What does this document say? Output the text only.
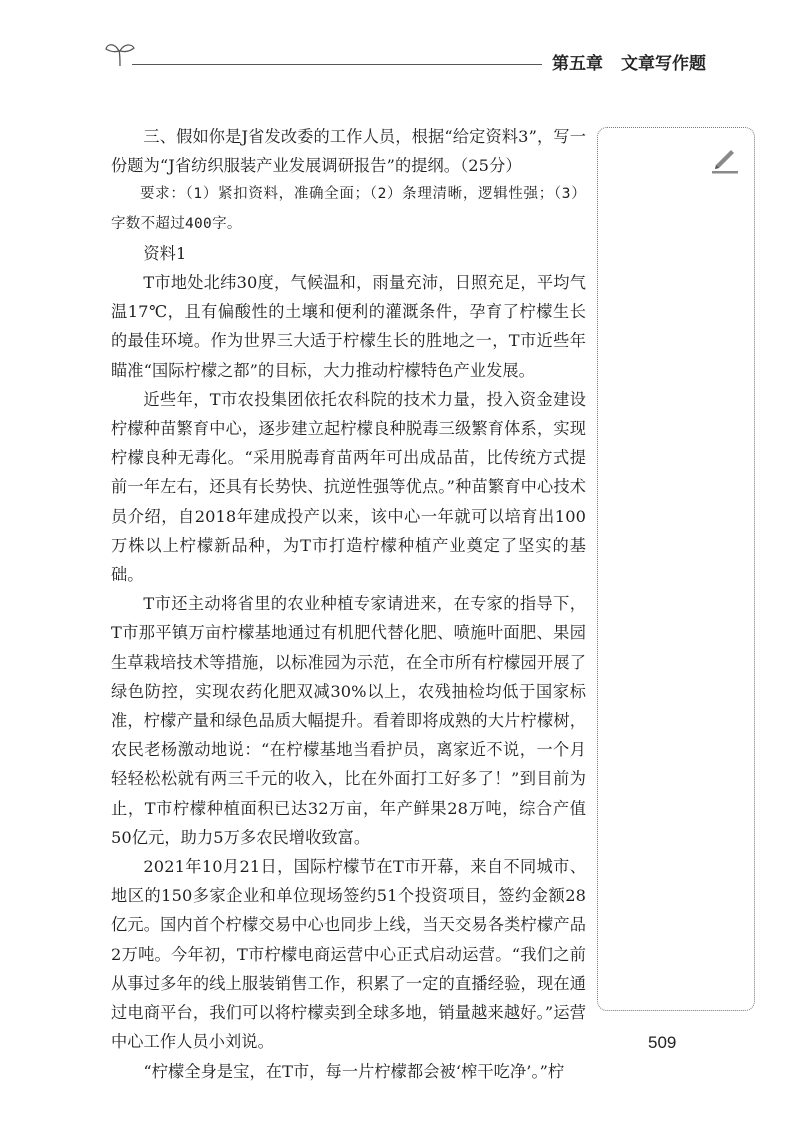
第五章 文章写作题

三、假如你是J省发改委的工作人员，根据“给定资料3”，写一份题为“J省纺织服装产业发展调研报告”的提纲。（25分）

要求：（1）紧扣资料，准确全面；（2）条理清晰，逻辑性强；（3）字数不超过400字。

资料1

T市地处北纬30度，气候温和，雨量充沛，日照充足，平均气温17℃，且有偏酸性的土壤和便利的灌溉条件，孕育了柠檬生长的最佳环境。作为世界三大适于柠檬生长的胜地之一，T市近些年瞄准“国际柠檬之都”的目标，大力推动柠檬特色产业发展。

近些年，T市农投集团依托农科院的技术力量，投入资金建设柠檬种苗繁育中心，逐步建立起柠檬良种脱毒三级繁育体系，实现柠檬良种无毒化。“采用脱毒育苗两年可出成品苗，比传统方式提前一年左右，还具有长势快、抗逆性强等优点。”种苗繁育中心技术员介绍，自2018年建成投产以来，该中心一年就可以培育出100万株以上柠檬新品种，为T市打造柠檬种植产业奠定了坚实的基础。

T市还主动将省里的农业种植专家请进来，在专家的指导下，T市那平镇万亩柠檬基地通过有机肥代替化肥、喷施叶面肥、果园生草栽培技术等措施，以标准园为示范，在全市所有柠檬园开展了绿色防控，实现农药化肥双减30%以上，农残抽检均低于国家标准，柠檬产量和绿色品质大幅提升。看着即将成熟的大片柠檬树，农民老杨激动地说：“在柠檬基地当看护员，离家近不说，一个月轻轻松松就有两三千元的收入，比在外面打工好多了！”到目前为止，T市柠檬种植面积已达32万亩，年产鲜果28万吨，综合产值50亿元，助力5万多农民增收致富。

2021年10月21日，国际柠檬节在T市开幕，来自不同城市、地区的150多家企业和单位现场签约51个投资项目，签约金额28亿元。国内首个柠檬交易中心也同步上线，当天交易各类柠檬产品2万吨。今年初，T市柠檬电商运营中心正式启动运营。“我们之前从事过多年的线上服装销售工作，积累了一定的直播经验，现在通过电商平台，我们可以将柠檬卖到全球多地，销量越来越好。”运营中心工作人员小刘说。

“柠檬全身是宝，在T市，每一片柠檬都会被‘榨干吃净’。”柠

509
